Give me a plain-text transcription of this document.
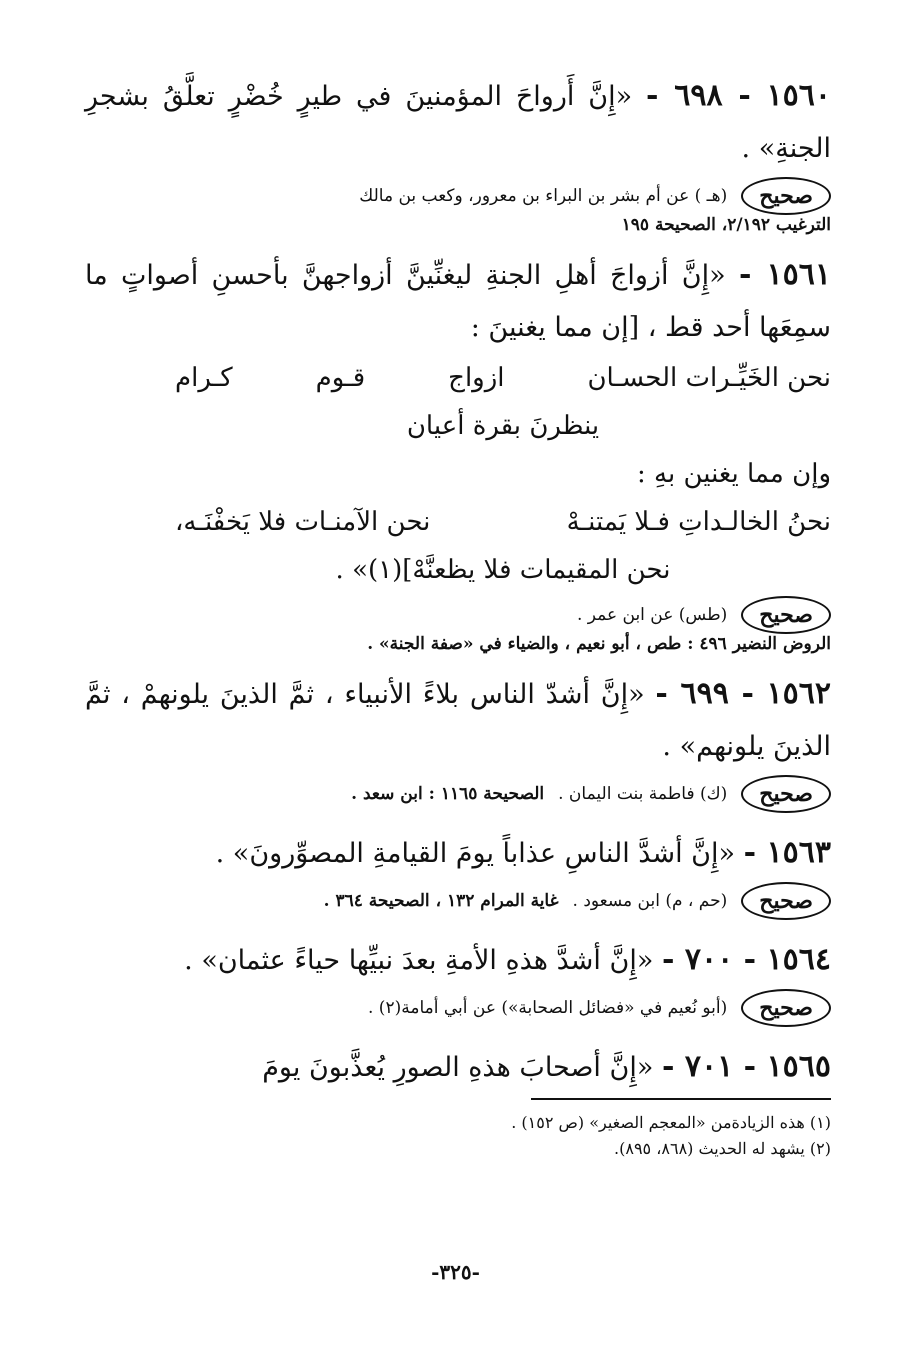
١٥٦٠ - ٦٩٨ - «إِنَّ أَرواحَ المؤمنينَ في طيرٍ خُضْرٍ تعلَّقُ بشجرِ الجنةِ» .

صحيح
(هـ ) عن أم بشر بن البراء بن معرور، وكعب بن مالك
الترغيب ٢/١٩٢، الصحيحة ١٩٥

١٥٦١ - «إِنَّ أزواجَ أهلِ الجنةِ ليغنِّينَّ أزواجهنَّ بأحسنِ أصواتٍ ما سمِعَها أحد قط ، [إن مما يغنينَ :

نحن الخَيِّـرات الحسـان
ازواج
قـوم
كـرام
ينظرنَ بقرة أعيان
وإن مما يغنين بهِ :
نحنُ الخالـداتِ فـلا يَمتنـهْ
نحن الآمنـات فلا يَخفْنَـه،
نحن المقيمات فلا يظعنَّهْ](١)» .
صحيح
(طس) عن ابن عمر .
الروض النضير ٤٩٦ : طص ، أبو نعيم ، والضياء في «صفة الجنة» .

١٥٦٢ - ٦٩٩ - «إِنَّ أشدّ الناس بلاءً الأنبياء ، ثمَّ الذينَ يلونهمْ ، ثمَّ الذينَ يلونهم» .

صحيح
(ك) فاطمة بنت اليمان .
الصحيحة ١١٦٥ : ابن سعد .

١٥٦٣ - «إِنَّ أشدَّ الناسِ عذاباً يومَ القيامةِ المصوِّرونَ» .

صحيح
(حم ، م) ابن مسعود .
غاية المرام ١٣٢ ، الصحيحة ٣٦٤ .

١٥٦٤ - ٧٠٠ - «إِنَّ أشدَّ هذهِ الأمةِ بعدَ نبيِّها حياءً عثمان» .

صحيح
(أبو نُعيم في «فضائل الصحابة») عن أبي أمامة(٢) .

١٥٦٥ - ٧٠١ - «إِنَّ أصحابَ هذهِ الصورِ يُعذَّبونَ يومَ

(١) هذه الزيادةمن «المعجم الصغير» (ص ١٥٢) .
(٢) يشهد له الحديث (٨٦٨، ٨٩٥).
-٣٢٥-
